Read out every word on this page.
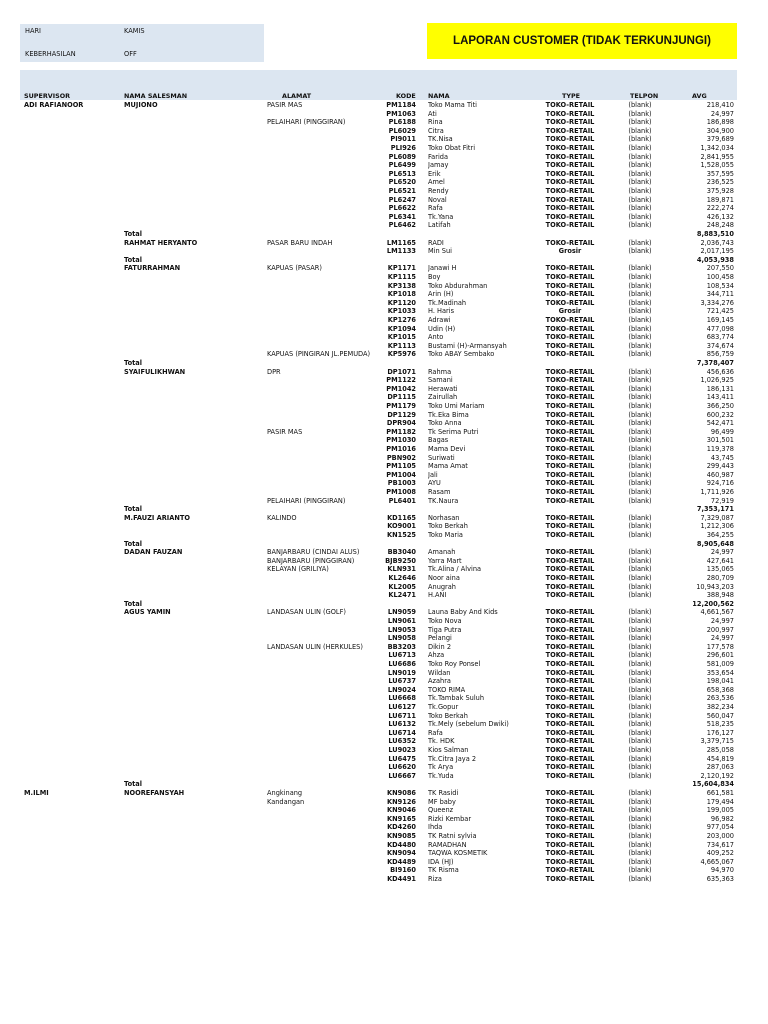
HARI	KAMIS
KEBERHASILAN	OFF
LAPORAN CUSTOMER (TIDAK TERKUNJUNGI)
SUPERVISOR	NAMA SALESMAN	ALAMAT	KODE NAMA	TYPE	TELPON	AVG
ADI RAFIANOOR	MUJIONO	PASIR MAS	PM1184 Toko Mama Titi	TOKO-RETAIL	(blank)	218,410
PM1063 Ati	TOKO-RETAIL	(blank)	24,997
PELAIHARI (PINGGIRAN)	PL6188 Rina	TOKO-RETAIL	(blank)	186,898
PL6029 Citra	TOKO-RETAIL	(blank)	304,900
PI9011 TK.Nisa	TOKO-RETAIL	(blank)	379,689
PLI926 Toko Obat Fitri	TOKO-RETAIL	(blank)	1,342,034
PL6089 Farida	TOKO-RETAIL	(blank)	2,841,955
PL6499 Jamay	TOKO-RETAIL	(blank)	1,528,055
PL6513 Erik	TOKO-RETAIL	(blank)	357,595
PL6520 Amel	TOKO-RETAIL	(blank)	236,525
PL6521 Rendy	TOKO-RETAIL	(blank)	375,928
PL6247 Noval	TOKO-RETAIL	(blank)	189,871
PL6622 Rafa	TOKO-RETAIL	(blank)	222,274
PL6341 Tk.Yana	TOKO-RETAIL	(blank)	426,132
PL6462 Latifah	TOKO-RETAIL	(blank)	248,248
Total	8,883,510
RAHMAT HERYANTO	PASAR BARU INDAH	LM1165 RADI	TOKO-RETAIL	(blank)	2,036,743
LM1133 Min Sui	Grosir	(blank)	2,017,195
Total	4,053,938
FATURRAHMAN	KAPUAS (PASAR)	KP1171 Janawi H	TOKO-RETAIL	(blank)	207,550
KP1115 Boy	TOKO-RETAIL	(blank)	100,458
KP3138 Toko Abdurahman	TOKO-RETAIL	(blank)	108,534
KP1018 Arin (H)	TOKO-RETAIL	(blank)	344,711
KP1120 Tk.Madinah	TOKO-RETAIL	(blank)	3,334,276
KP1033 H. Haris	Grosir	(blank)	721,425
KP1276 Adrawi	TOKO-RETAIL	(blank)	169,145
KP1094 Udin (H)	TOKO-RETAIL	(blank)	477,098
KP1015 Anto	TOKO-RETAIL	(blank)	683,774
KP1113 Bustami (H)-Armansyah	TOKO-RETAIL	(blank)	374,674
KAPUAS (PINGIRAN JL.PEMUDA)	KP5976 Toko ABAY Sembako	TOKO-RETAIL	(blank)	856,759
Total	7,378,407
SYAIFULIKHWAN	DPR	DP1071 Rahma	TOKO-RETAIL	(blank)	456,636
PM1122 Samani	TOKO-RETAIL	(blank)	1,026,925
PM1042 Herawati	TOKO-RETAIL	(blank)	186,131
DP1115 Zairullah	TOKO-RETAIL	(blank)	143,411
PM1179 Toko Umi Mariam	TOKO-RETAIL	(blank)	366,250
DP1129 Tk.Eka Bima	TOKO-RETAIL	(blank)	600,232
DPR904 Toko Anna	TOKO-RETAIL	(blank)	542,471
PASIR MAS	PM1182 Tk Serima Putri	TOKO-RETAIL	(blank)	96,499
PM1030 Bagas	TOKO-RETAIL	(blank)	301,501
PM1016 Mama Devi	TOKO-RETAIL	(blank)	119,378
PBN902 Suriwati	TOKO-RETAIL	(blank)	43,745
PM1105 Mama Amat	TOKO-RETAIL	(blank)	299,443
PM1004 Jali	TOKO-RETAIL	(blank)	460,987
PB1003 AYU	TOKO-RETAIL	(blank)	924,716
PM1008 Rasam	TOKO-RETAIL	(blank)	1,711,926
PELAIHARI (PINGGIRAN)	PL6401 TK.Naura	TOKO-RETAIL	(blank)	72,919
Total	7,353,171
M.FAUZI ARIANTO	KALINDO	KD1165 Norhasan	TOKO-RETAIL	(blank)	7,329,087
KO9001 Toko Berkah	TOKO-RETAIL	(blank)	1,212,306
KN1525 Toko Maria	TOKO-RETAIL	(blank)	364,255
Total	8,905,648
DADAN FAUZAN	BANJARBARU (CINDAI ALUS)	BB3040 Amanah	TOKO-RETAIL	(blank)	24,997
BANJARBARU (PINGGIRAN)	BJB9250 Yarra Mart	TOKO-RETAIL	(blank)	427,641
KELAYAN (GRILIYA)	KLN931 Tk.Alina / Alvina	TOKO-RETAIL	(blank)	135,065
KL2646 Noor aina	TOKO-RETAIL	(blank)	280,709
KL2005 Anugrah	TOKO-RETAIL	(blank)	10,943,203
KL2471 H.ANI	TOKO-RETAIL	(blank)	388,948
Total	12,200,562
AGUS YAMIN	LANDASAN ULIN (GOLF)	LN9059 Launa Baby And Kids	TOKO-RETAIL	(blank)	4,661,567
LN9061 Toko Nova	TOKO-RETAIL	(blank)	24,997
LN9053 Tiga Putra	TOKO-RETAIL	(blank)	200,997
LN9058 Pelangi	TOKO-RETAIL	(blank)	24,997
LANDASAN ULIN (HERKULES)	BB3203 Dikin 2	TOKO-RETAIL	(blank)	177,578
LU6713 Ahza	TOKO-RETAIL	(blank)	296,601
LU6686 Toko Roy Ponsel	TOKO-RETAIL	(blank)	581,009
LN9019 Wildan	TOKO-RETAIL	(blank)	353,654
LU6737 Azahra	TOKO-RETAIL	(blank)	198,041
LN9024 TOKO RIMA	TOKO-RETAIL	(blank)	658,368
LU6668 Tk.Tambak Suluh	TOKO-RETAIL	(blank)	263,536
LU6127 Tk.Gopur	TOKO-RETAIL	(blank)	382,234
LU6711 Toko Berkah	TOKO-RETAIL	(blank)	560,047
LU6132 Tk.Mely (sebelum Dwiki)	TOKO-RETAIL	(blank)	518,235
LU6714 Rafa	TOKO-RETAIL	(blank)	176,127
LU6352 Tk. HDK	TOKO-RETAIL	(blank)	3,379,715
LU9023 Kios Salman	TOKO-RETAIL	(blank)	285,058
LU6475 Tk.Citra Jaya 2	TOKO-RETAIL	(blank)	454,819
LU6620 Tk Arya	TOKO-RETAIL	(blank)	287,063
LU6667 Tk.Yuda	TOKO-RETAIL	(blank)	2,120,192
Total	15,604,834
M.ILMI	NOOREFANSYAH	Angkinang	KN9086 TK Rasidi	TOKO-RETAIL	(blank)	661,581
Kandangan	KN9126 MF baby	TOKO-RETAIL	(blank)	179,494
KN9046 Queenz	TOKO-RETAIL	(blank)	199,005
KN9165 Rizki Kembar	TOKO-RETAIL	(blank)	96,982
KD4260 Ihda	TOKO-RETAIL	(blank)	977,054
KN9085 TK Ratni sylvia	TOKO-RETAIL	(blank)	203,000
KD4480 RAMADHAN	TOKO-RETAIL	(blank)	734,617
KN9094 TAQWA KOSMETIK	TOKO-RETAIL	(blank)	409,252
KD4489 IDA (HJ)	TOKO-RETAIL	(blank)	4,665,067
BI9160 TK Risma	TOKO-RETAIL	(blank)	94,970
KD4491 Riza	TOKO-RETAIL	(blank)	635,363
